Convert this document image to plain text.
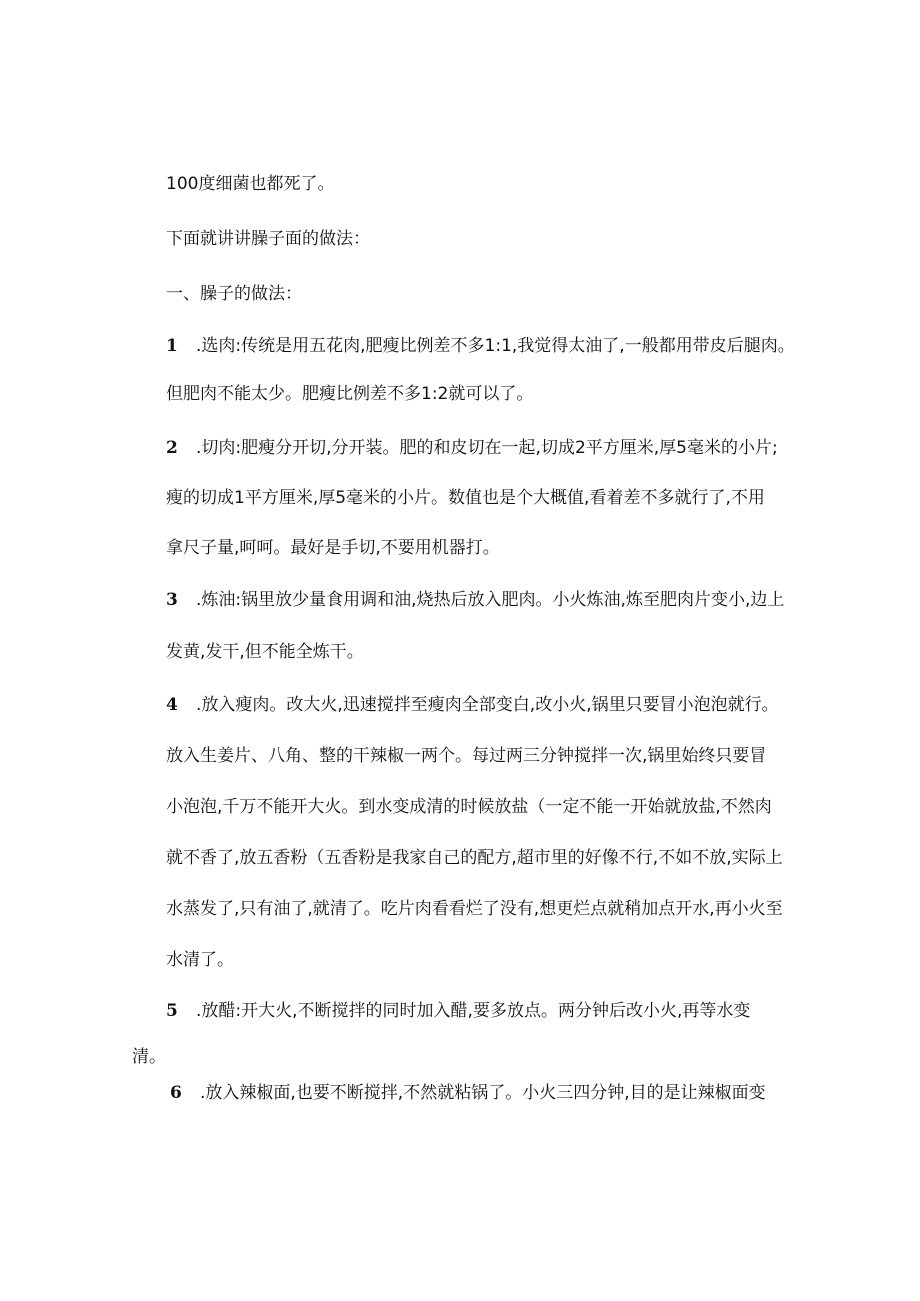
100度细菌也都死了。
下面就讲讲臊子面的做法：
一、臊子的做法：
1 .选肉:传统是用五花肉,肥瘦比例差不多1:1,我觉得太油了,一般都用带皮后腿肉。
但肥肉不能太少。肥瘦比例差不多1:2就可以了。
2 .切肉:肥瘦分开切,分开装。肥的和皮切在一起,切成2平方厘米,厚5毫米的小片;
瘦的切成1平方厘米,厚5毫米的小片。数值也是个大概值,看着差不多就行了,不用
拿尺子量,呵呵。最好是手切,不要用机器打。
3 .炼油:锅里放少量食用调和油,烧热后放入肥肉。小火炼油,炼至肥肉片变小,边上
发黄,发干,但不能全炼干。
4 .放入瘦肉。改大火,迅速搅拌至瘦肉全部变白,改小火,锅里只要冒小泡泡就行。
放入生姜片、八角、整的干辣椒一两个。每过两三分钟搅拌一次,锅里始终只要冒
小泡泡,千万不能开大火。到水变成清的时候放盐（一定不能一开始就放盐,不然肉
就不香了,放五香粉（五香粉是我家自己的配方,超市里的好像不行,不如不放,实际上
水蒸发了,只有油了,就清了。吃片肉看看烂了没有,想更烂点就稍加点开水,再小火至
水清了。
5 .放醋:开大火,不断搅拌的同时加入醋,要多放点。两分钟后改小火,再等水变
清。
6 .放入辣椒面,也要不断搅拌,不然就粘锅了。小火三四分钟,目的是让辣椒面变
